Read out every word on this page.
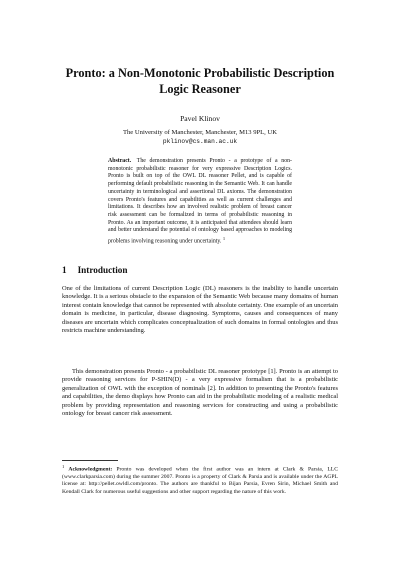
Pronto: a Non-Monotonic Probabilistic Description Logic Reasoner
Pavel Klinov
The University of Manchester, Manchester, M13 9PL, UK
pklinov@cs.man.ac.uk
Abstract. The demonstration presents Pronto - a prototype of a non-monotonic probabilistic reasoner for very expressive Description Logics. Pronto is built on top of the OWL DL reasoner Pellet, and is capable of performing default probabilistic reasoning in the Semantic Web. It can handle uncertainty in terminological and assertional DL axioms. The demonstration covers Pronto's features and capabilities as well as current challenges and limitations. It describes how an involved realistic problem of breast cancer risk assessment can be formalized in terms of probabilistic reasoning in Pronto. As an important outcome, it is anticipated that attendees should learn and better understand the potential of ontology based approaches to modeling problems involving reasoning under uncertainty. $^1$
1 Introduction

One of the limitations of current Description Logic (DL) reasoners is the inability to handle uncertain knowledge. It is a serious obstacle to the expansion of the Semantic Web because many domains of human interest contain knowledge that cannot be represented with absolute certainty. One example of an uncertain domain is medicine, in particular, disease diagnosing. Symptoms, causes and consequences of many diseases are uncertain which complicates conceptualization of such domains in formal ontologies and thus restricts machine understanding.

This demonstration presents Pronto - a probabilistic DL reasoner prototype [1]. Pronto is an attempt to provide reasoning services for P-SHIN(D) - a very expressive formalism that is a probabilistic generalization of OWL with the exception of nominals [2]. In addition to presenting the Pronto's features and capabilities, the demo displays how Pronto can aid in the probabilistic modeling of a realistic medical problem by providing representation and reasoning services for constructing and using a probabilistic ontology for breast cancer risk assessment.

$^1$ Acknowledgment: Pronto was developed when the first author was an intern at Clark & Parsia, LLC (www.clarkparsia.com) during the summer 2007. Pronto is a property of Clark & Parsia and is available under the AGPL license at: http://pellet.owldl.com/pronto. The authors are thankful to Bijan Parsia, Evren Sirin, Michael Smith and Kendall Clark for numerous useful suggestions and other support regarding the nature of this work.
